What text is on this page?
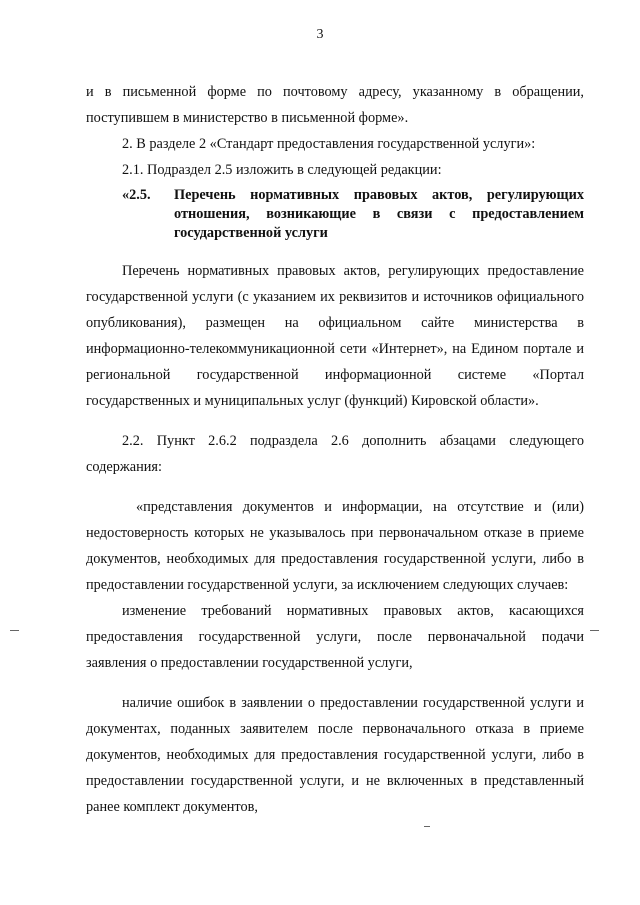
3

и в письменной форме по почтовому адресу, указанному в обращении, поступившем в министерство в письменной форме».

2. В разделе 2 «Стандарт предоставления государственной услуги»:

2.1. Подраздел 2.5 изложить в следующей редакции:

«2.5.	Перечень нормативных правовых актов, регулирующих отношения, возникающие в связи с предоставлением государственной услуги

Перечень нормативных правовых актов, регулирующих предоставление государственной услуги (с указанием их реквизитов и источников официального опубликования), размещен на официальном сайте министерства в информационно-телекоммуникационной сети «Интернет», на Едином портале и региональной государственной информационной системе «Портал государственных и муниципальных услуг (функций) Кировской области».

2.2. Пункт 2.6.2 подраздела 2.6 дополнить абзацами следующего содержания:

«представления документов и информации, на отсутствие и (или) недостоверность которых не указывалось при первоначальном отказе в приеме документов, необходимых для предоставления государственной услуги, либо в предоставлении государственной услуги, за исключением следующих случаев:

изменение требований нормативных правовых актов, касающихся предоставления государственной услуги, после первоначальной подачи заявления о предоставлении государственной услуги,

наличие ошибок в заявлении о предоставлении государственной услуги и документах, поданных заявителем после первоначального отказа в приеме документов, необходимых для предоставления государственной услуги, либо в предоставлении государственной услуги, и не включенных в представленный ранее комплект документов,
